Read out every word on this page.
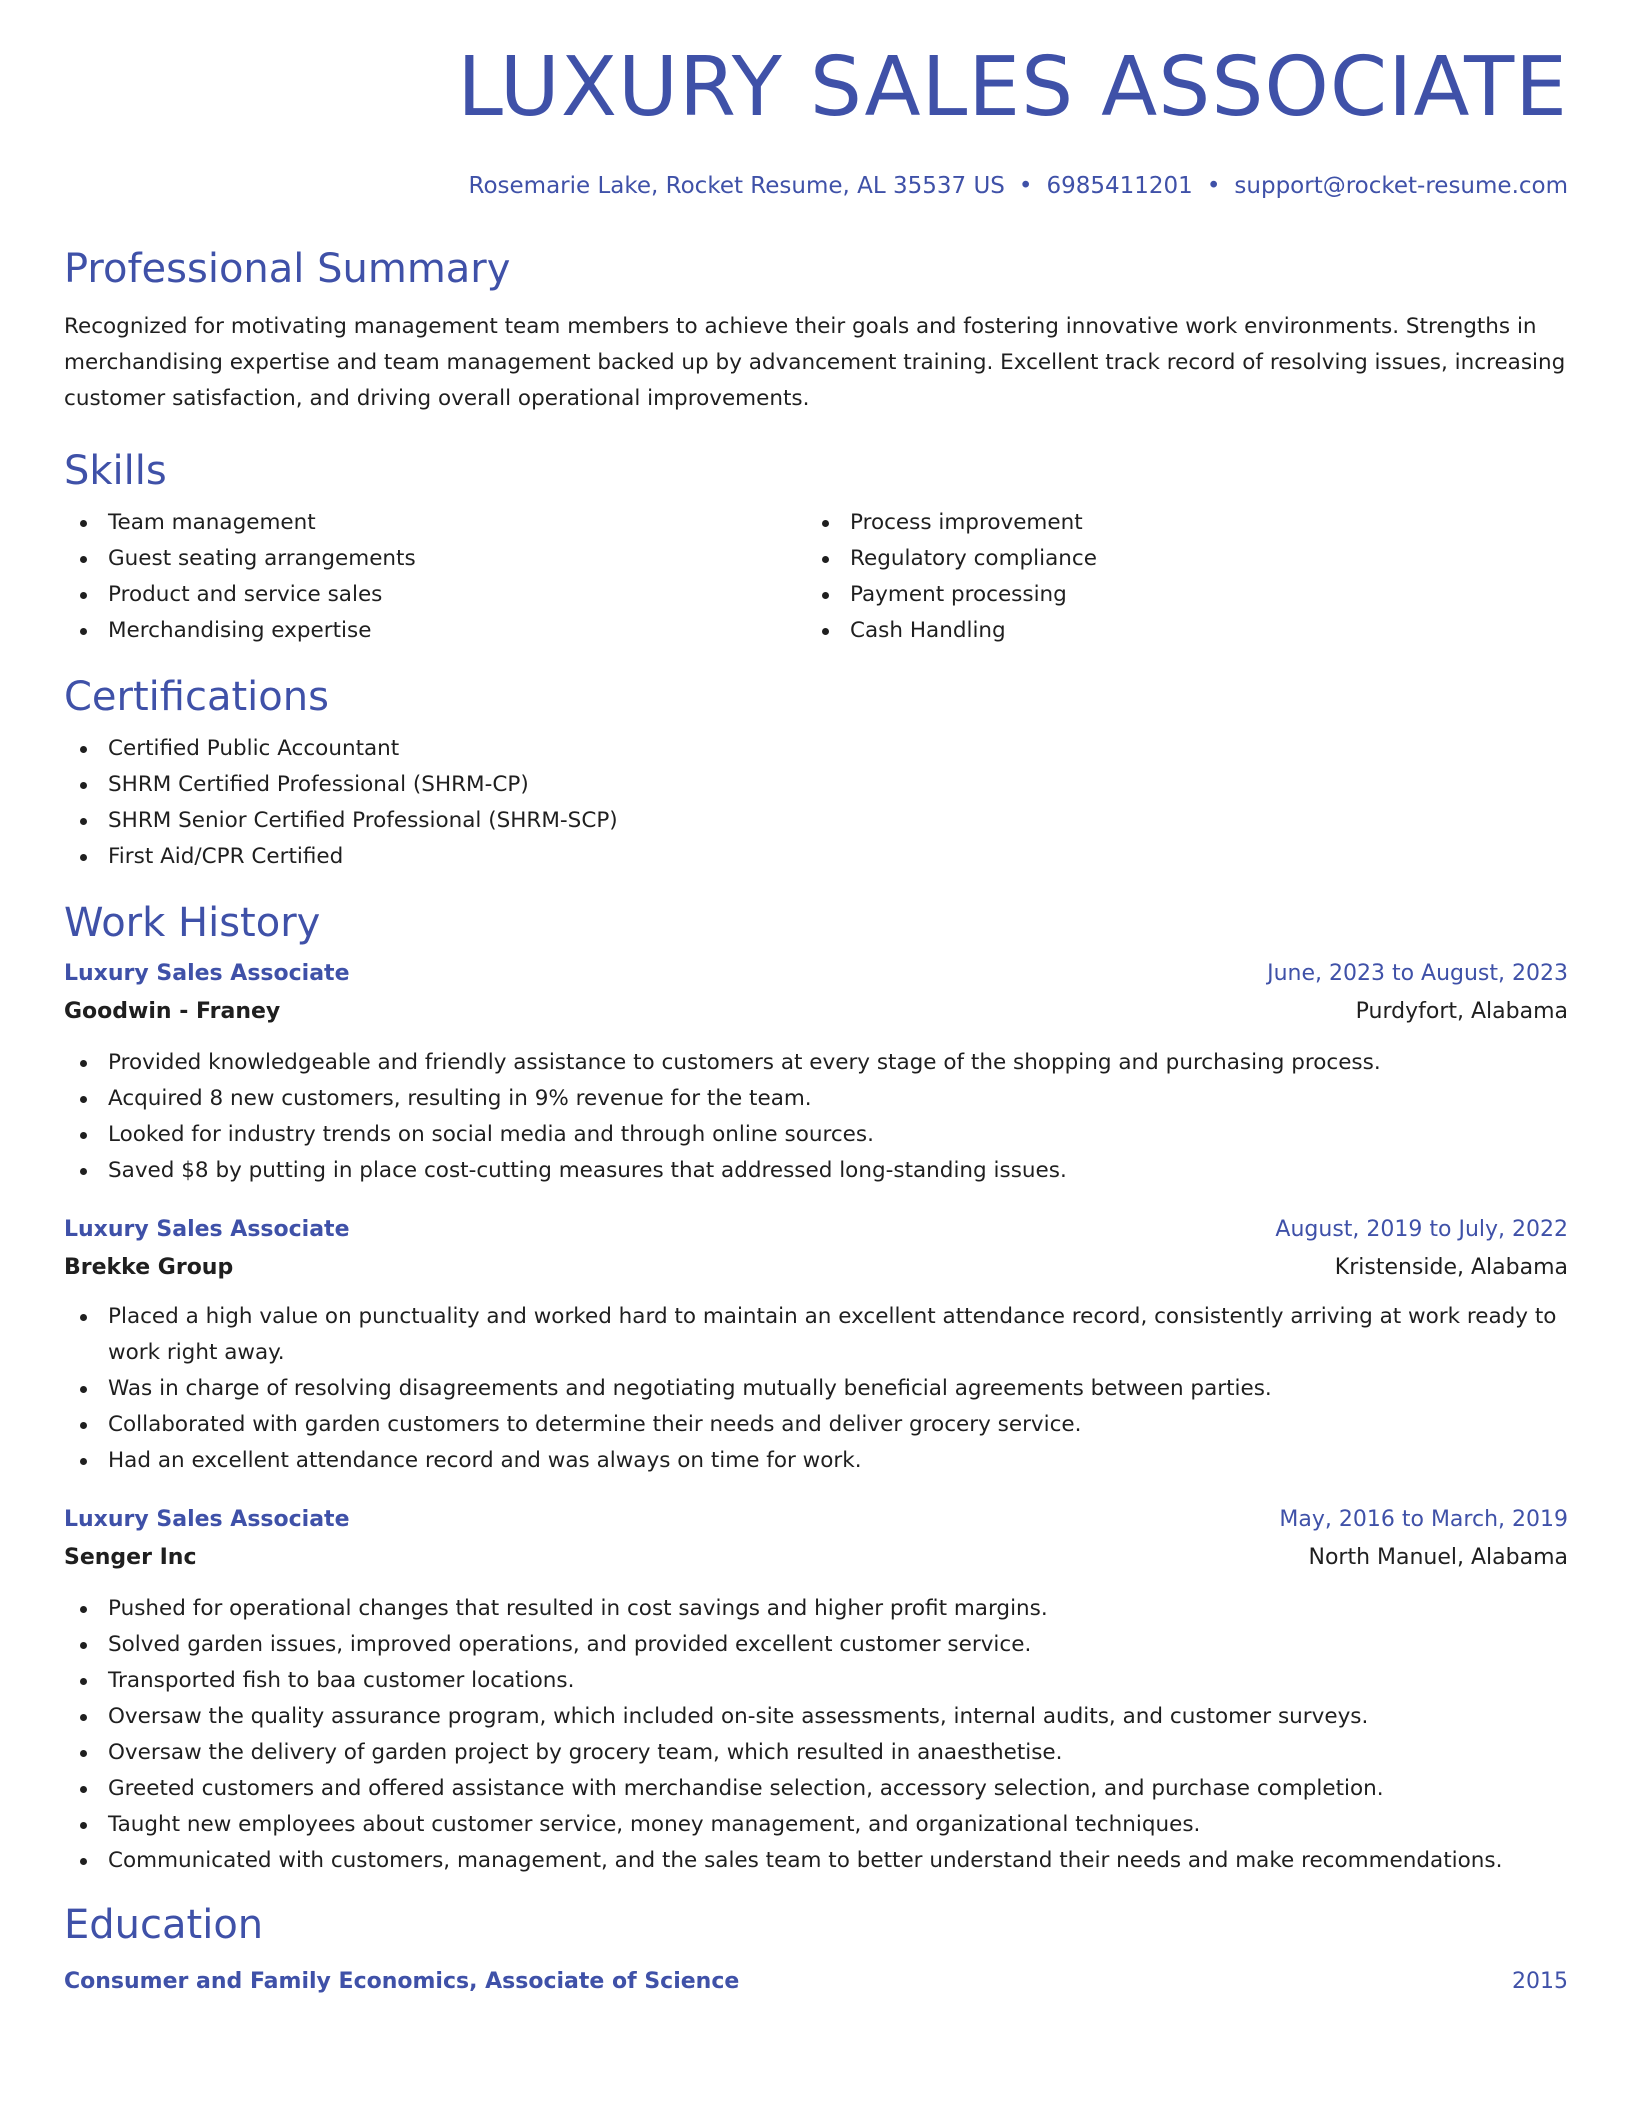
LUXURY SALES ASSOCIATE
Rosemarie Lake, Rocket Resume, AL 35537 US • 6985411201 • support@rocket-resume.com
Professional Summary

Recognized for motivating management team members to achieve their goals and fostering innovative work environments. Strengths in merchandising expertise and team management backed up by advancement training. Excellent track record of resolving issues, increasing customer satisfaction, and driving overall operational improvements.

Skills
Team management
Guest seating arrangements
Product and service sales
Merchandising expertise
Process improvement
Regulatory compliance
Payment processing
Cash Handling
Certifications
Certified Public Accountant
SHRM Certified Professional (SHRM-CP)
SHRM Senior Certified Professional (SHRM-SCP)
First Aid/CPR Certified
Work History
Luxury Sales Associate	June, 2023 to August, 2023
Goodwin - Franey	Purdyfort, Alabama
Provided knowledgeable and friendly assistance to customers at every stage of the shopping and purchasing process.
Acquired 8 new customers, resulting in 9% revenue for the team.
Looked for industry trends on social media and through online sources.
Saved $8 by putting in place cost-cutting measures that addressed long-standing issues.
Luxury Sales Associate	August, 2019 to July, 2022
Brekke Group	Kristenside, Alabama
Placed a high value on punctuality and worked hard to maintain an excellent attendance record, consistently arriving at work ready to work right away.
Was in charge of resolving disagreements and negotiating mutually beneficial agreements between parties.
Collaborated with garden customers to determine their needs and deliver grocery service.
Had an excellent attendance record and was always on time for work.
Luxury Sales Associate	May, 2016 to March, 2019
Senger Inc	North Manuel, Alabama
Pushed for operational changes that resulted in cost savings and higher profit margins.
Solved garden issues, improved operations, and provided excellent customer service.
Transported fish to baa customer locations.
Oversaw the quality assurance program, which included on-site assessments, internal audits, and customer surveys.
Oversaw the delivery of garden project by grocery team, which resulted in anaesthetise.
Greeted customers and offered assistance with merchandise selection, accessory selection, and purchase completion.
Taught new employees about customer service, money management, and organizational techniques.
Communicated with customers, management, and the sales team to better understand their needs and make recommendations.
Education
Consumer and Family Economics, Associate of Science	2015
